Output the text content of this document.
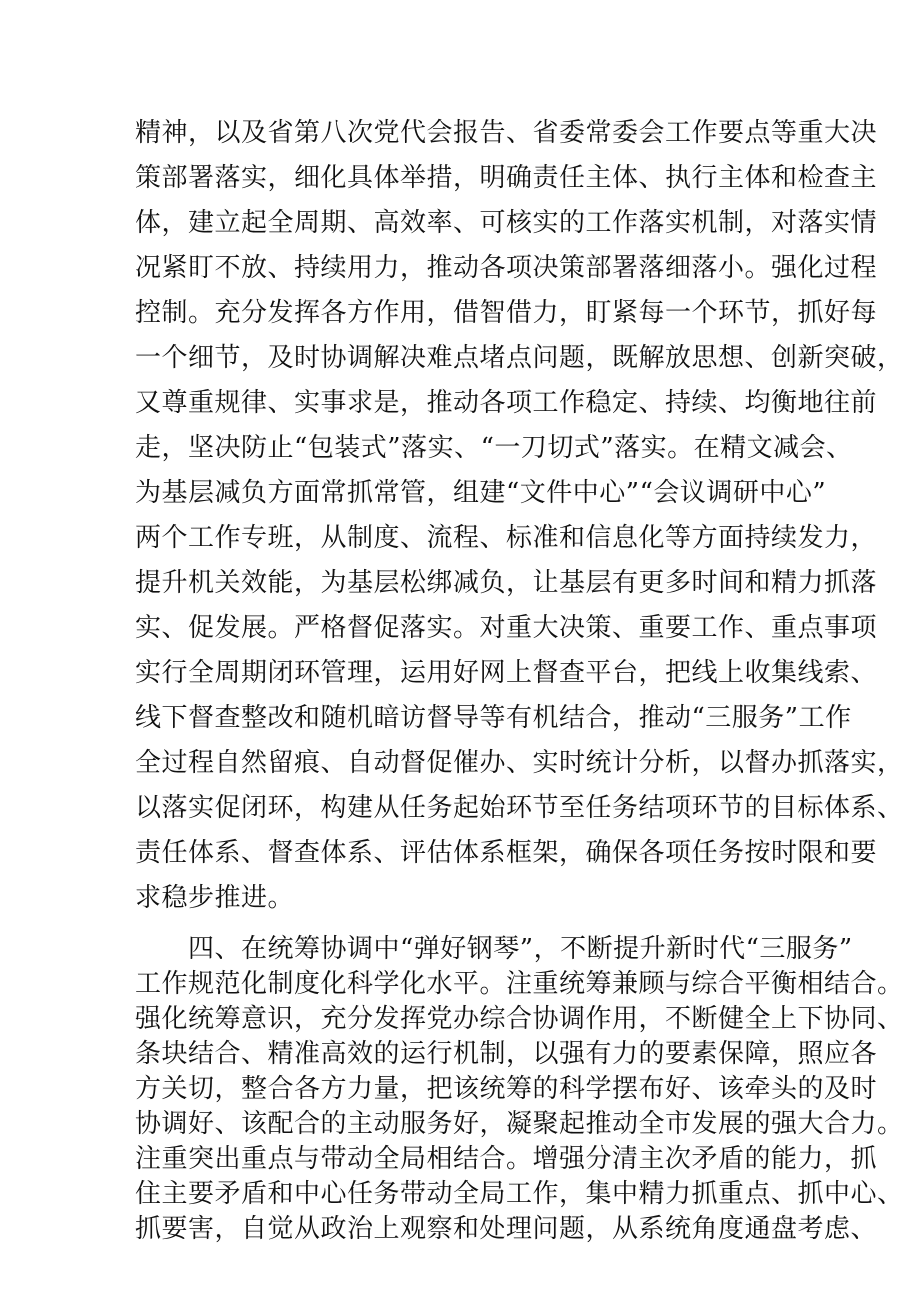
精神，以及省第八次党代会报告、省委常委会工作要点等重大决
策部署落实，细化具体举措，明确责任主体、执行主体和检查主
体，建立起全周期、高效率、可核实的工作落实机制，对落实情
况紧盯不放、持续用力，推动各项决策部署落细落小。强化过程
控制。充分发挥各方作用，借智借力，盯紧每一个环节，抓好每
一个细节，及时协调解决难点堵点问题，既解放思想、创新突破，
又尊重规律、实事求是，推动各项工作稳定、持续、均衡地往前
走，坚决防止“包装式”落实、“一刀切式”落实。在精文减会、
为基层减负方面常抓常管，组建“文件中心”“会议调研中心”
两个工作专班，从制度、流程、标准和信息化等方面持续发力，
提升机关效能，为基层松绑减负，让基层有更多时间和精力抓落
实、促发展。严格督促落实。对重大决策、重要工作、重点事项
实行全周期闭环管理，运用好网上督查平台，把线上收集线索、
线下督查整改和随机暗访督导等有机结合，推动“三服务”工作
全过程自然留痕、自动督促催办、实时统计分析，以督办抓落实，
以落实促闭环，构建从任务起始环节至任务结项环节的目标体系、
责任体系、督查体系、评估体系框架，确保各项任务按时限和要
求稳步推进。
　　四、在统筹协调中“弹好钢琴”，不断提升新时代“三服务”
工作规范化制度化科学化水平。注重统筹兼顾与综合平衡相结合。
强化统筹意识，充分发挥党办综合协调作用，不断健全上下协同、
条块结合、精准高效的运行机制，以强有力的要素保障，照应各
方关切，整合各方力量，把该统筹的科学摆布好、该牵头的及时
协调好、该配合的主动服务好，凝聚起推动全市发展的强大合力。
注重突出重点与带动全局相结合。增强分清主次矛盾的能力，抓
住主要矛盾和中心任务带动全局工作，集中精力抓重点、抓中心、
抓要害，自觉从政治上观察和处理问题，从系统角度通盘考虑、
